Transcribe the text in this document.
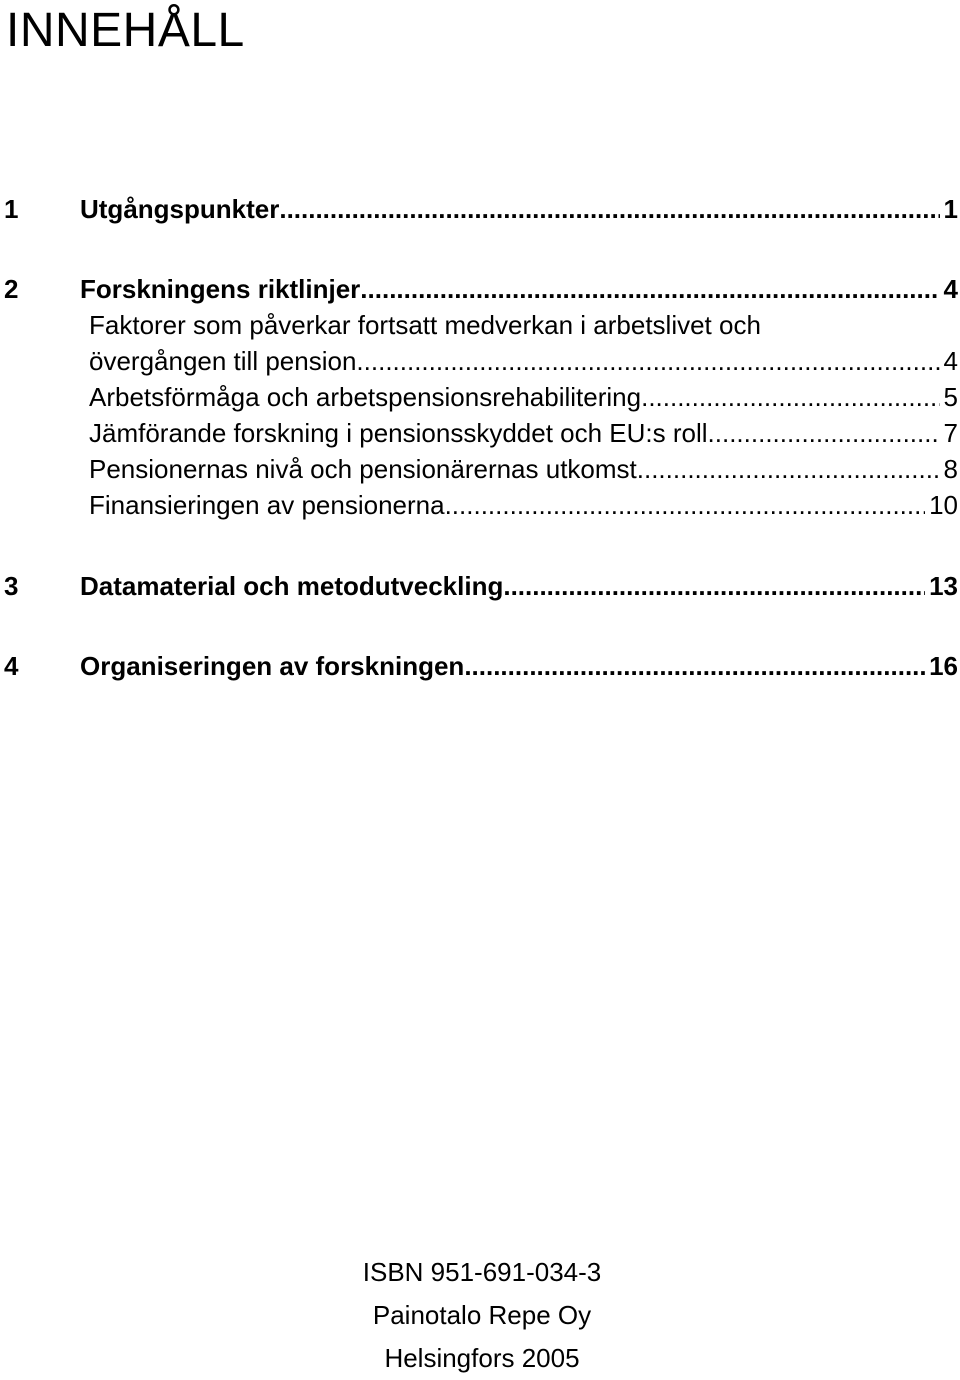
INNEHÅLL
1	Utgångspunkter .....	1
2	Forskningens riktlinjer .....	4
Faktorer som påverkar fortsatt medverkan i arbetslivet och
övergången till pension .....	4
Arbetsförmåga och arbetspensionsrehabilitering .....	5
Jämförande forskning i pensionsskyddet och EU:s roll .....	7
Pensionernas nivå och pensionärernas utkomst .....	8
Finansieringen av pensionerna .....	10
3	Datamaterial och metodutveckling .....	13
4	Organiseringen av forskningen .....	16
ISBN 951-691-034-3
Painotalo Repe Oy
Helsingfors 2005
